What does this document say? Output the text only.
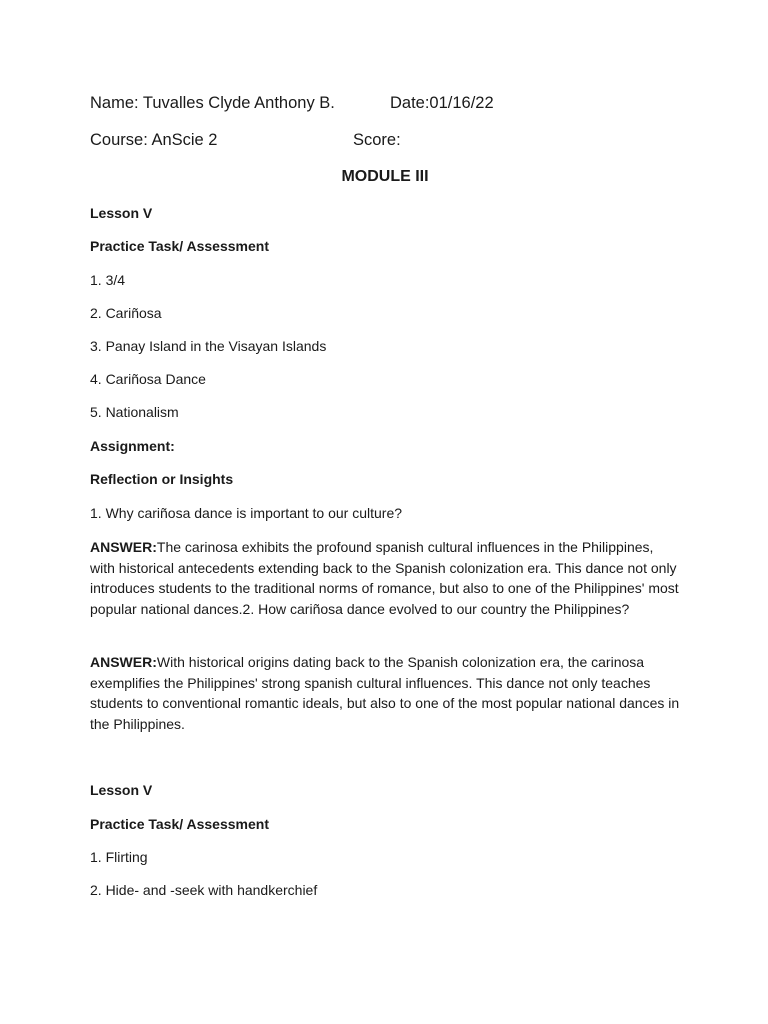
Name: Tuvalles Clyde Anthony B.	Date:01/16/22
Course: AnScie 2	Score:
MODULE III
Lesson V
Practice Task/ Assessment
1. 3/4
2. Cariñosa
3. Panay Island in the Visayan Islands
4. Cariñosa Dance
5. Nationalism
Assignment:
Reflection or Insights
1. Why cariñosa dance is important to our culture?
ANSWER:The carinosa exhibits the profound spanish cultural influences in the Philippines, with historical antecedents extending back to the Spanish colonization era. This dance not only introduces students to the traditional norms of romance, but also to one of the Philippines' most popular national dances.2. How cariñosa dance evolved to our country the Philippines?
ANSWER:With historical origins dating back to the Spanish colonization era, the carinosa exemplifies the Philippines' strong spanish cultural influences. This dance not only teaches students to conventional romantic ideals, but also to one of the most popular national dances in the Philippines.
Lesson V
Practice Task/ Assessment
1. Flirting
2. Hide- and -seek with handkerchief
